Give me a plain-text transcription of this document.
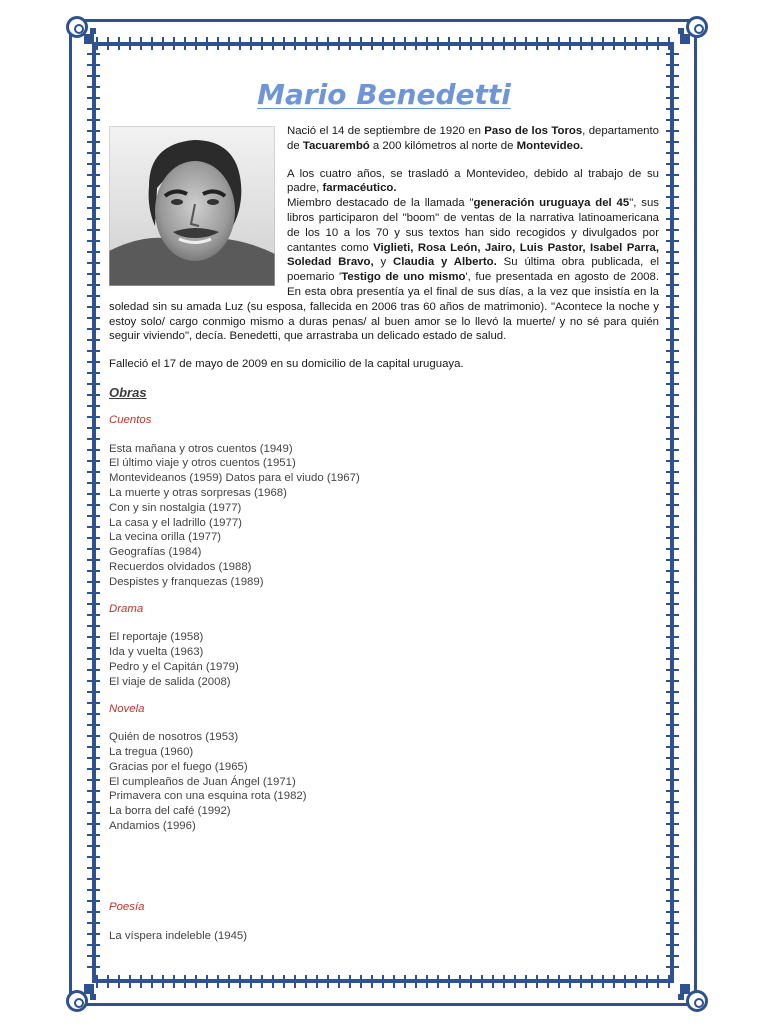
Mario Benedetti

Nació el 14 de septiembre de 1920 en Paso de los Toros, departamento de Tacuarembó a 200 kilómetros al norte de Montevideo.

A los cuatro años, se trasladó a Montevideo, debido al trabajo de su padre, farmacéutico.

Miembro destacado de la llamada "generación uruguaya del 45", sus libros participaron del "boom" de ventas de la narrativa latinoamericana de los 10 a los 70 y sus textos han sido recogidos y divulgados por cantantes como Viglieti, Rosa León, Jairo, Luis Pastor, Isabel Parra, Soledad Bravo, y Claudia y Alberto. Su última obra publicada, el poemario 'Testigo de uno mismo', fue presentada en agosto de 2008. En esta obra presentía ya el final de sus días, a la vez que insistía en la soledad sin su amada Luz (su esposa, fallecida en 2006 tras 60 años de matrimonio). "Acontece la noche y estoy solo/ cargo conmigo mismo a duras penas/ al buen amor se lo llevó la muerte/ y no sé para quién seguir viviendo", decía. Benedetti, que arrastraba un delicado estado de salud.

Falleció el 17 de mayo de 2009 en su domicilio de la capital uruguaya.

Obras
Cuentos
Esta mañana y otros cuentos (1949)
El último viaje y otros cuentos (1951)
Montevideanos (1959) Datos para el viudo (1967)
La muerte y otras sorpresas (1968)
Con y sin nostalgia (1977)
La casa y el ladrillo (1977)
La vecina orilla (1977)
Geografías (1984)
Recuerdos olvidados (1988)
Despistes y franquezas (1989)
Drama
El reportaje (1958)
Ida y vuelta (1963)
Pedro y el Capitán (1979)
El viaje de salida (2008)
Novela
Quién de nosotros (1953)
La tregua (1960)
Gracias por el fuego (1965)
El cumpleaños de Juan Ángel (1971)
Primavera con una esquina rota (1982)
La borra del café (1992)
Andamios (1996)
Poesía
La víspera indeleble (1945)
